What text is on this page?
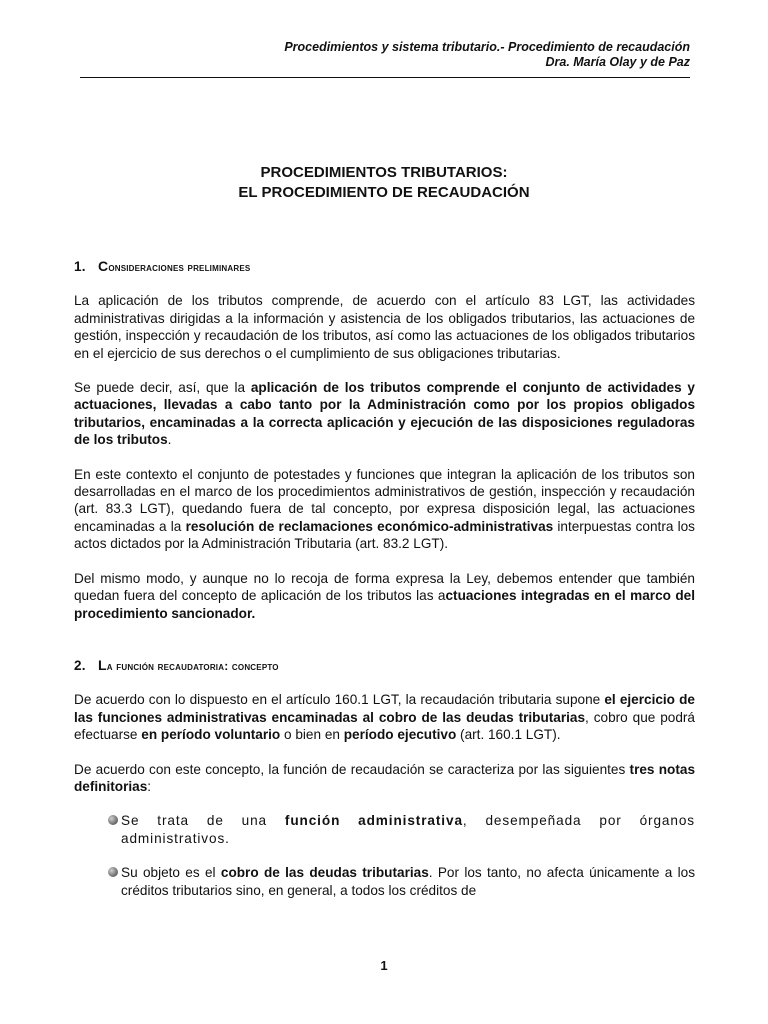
Procedimientos y sistema tributario.- Procedimiento de recaudación
Dra. María Olay y de Paz
PROCEDIMIENTOS TRIBUTARIOS:
EL PROCEDIMIENTO DE RECAUDACIÓN
1. Consideraciones preliminares

La aplicación de los tributos comprende, de acuerdo con el artículo 83 LGT, las actividades administrativas dirigidas a la información y asistencia de los obligados tributarios, las actuaciones de gestión, inspección y recaudación de los tributos, así como las actuaciones de los obligados tributarios en el ejercicio de sus derechos o el cumplimiento de sus obligaciones tributarias.

Se puede decir, así, que la aplicación de los tributos comprende el conjunto de actividades y actuaciones, llevadas a cabo tanto por la Administración como por los propios obligados tributarios, encaminadas a la correcta aplicación y ejecución de las disposiciones reguladoras de los tributos.

En este contexto el conjunto de potestades y funciones que integran la aplicación de los tributos son desarrolladas en el marco de los procedimientos administrativos de gestión, inspección y recaudación (art. 83.3 LGT), quedando fuera de tal concepto, por expresa disposición legal, las actuaciones encaminadas a la resolución de reclamaciones económico-administrativas interpuestas contra los actos dictados por la Administración Tributaria (art. 83.2 LGT).

Del mismo modo, y aunque no lo recoja de forma expresa la Ley, debemos entender que también quedan fuera del concepto de aplicación de los tributos las actuaciones integradas en el marco del procedimiento sancionador.

2. La función recaudatoria: concepto

De acuerdo con lo dispuesto en el artículo 160.1 LGT, la recaudación tributaria supone el ejercicio de las funciones administrativas encaminadas al cobro de las deudas tributarias, cobro que podrá efectuarse en período voluntario o bien en período ejecutivo (art. 160.1 LGT).

De acuerdo con este concepto, la función de recaudación se caracteriza por las siguientes tres notas definitorias:

Se trata de una función administrativa, desempeñada por órganos administrativos.
Su objeto es el cobro de las deudas tributarias. Por los tanto, no afecta únicamente a los créditos tributarios sino, en general, a todos los créditos de
1
